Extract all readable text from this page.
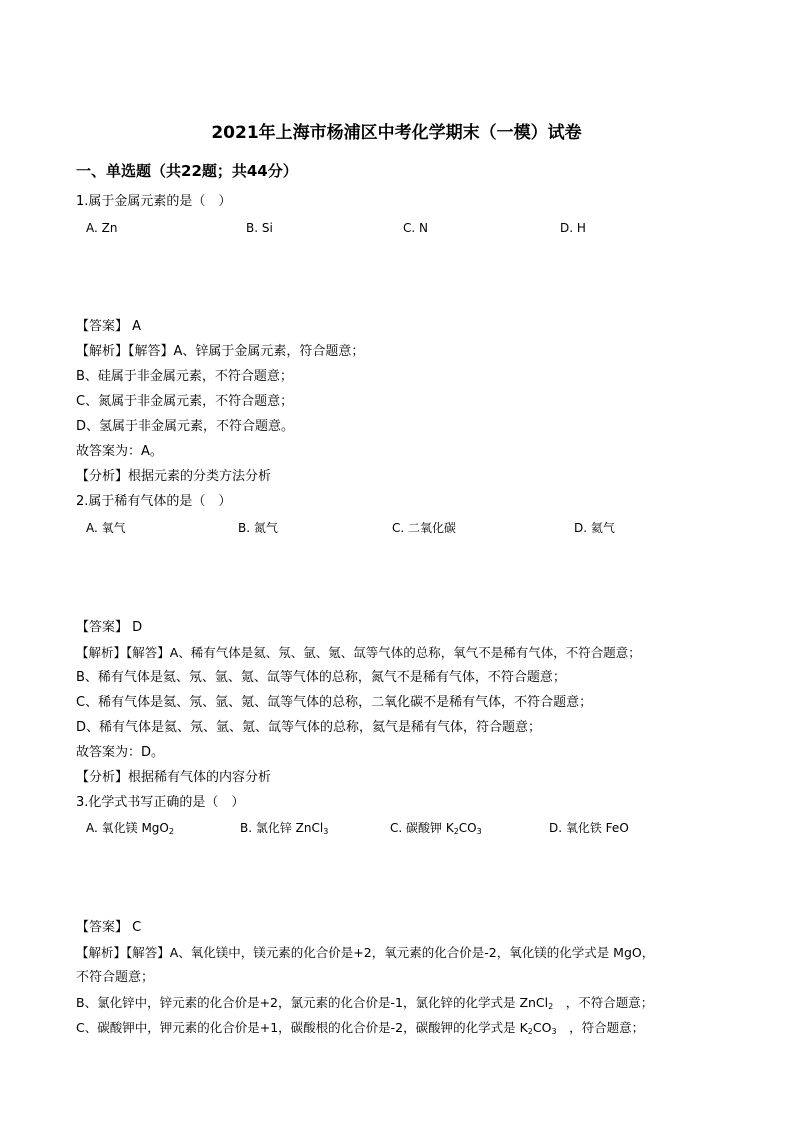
2021年上海市杨浦区中考化学期末（一模）试卷
一、单选题（共22题；共44分）
1.属于金属元素的是（　）
A. Zn	B. Si	C. N	D. H
【答案】 A
【解析】【解答】A、锌属于金属元素，符合题意；
B、硅属于非金属元素，不符合题意；
C、氮属于非金属元素，不符合题意；
D、氢属于非金属元素，不符合题意。
故答案为：A。
【分析】根据元素的分类方法分析
2.属于稀有气体的是（　）
A. 氧气	B. 氮气	C. 二氧化碳	D. 氦气
【答案】 D
【解析】【解答】A、稀有气体是氦、氖、氩、氪、氙等气体的总称，氧气不是稀有气体，不符合题意；
B、稀有气体是氦、氖、氩、氪、氙等气体的总称，氮气不是稀有气体，不符合题意；
C、稀有气体是氦、氖、氩、氪、氙等气体的总称，二氧化碳不是稀有气体，不符合题意；
D、稀有气体是氦、氖、氩、氪、氙等气体的总称，氦气是稀有气体，符合题意；
故答案为：D。
【分析】根据稀有气体的内容分析
3.化学式书写正确的是（　）
A. 氧化镁 MgO$_2$	B. 氯化锌 ZnCl$_3$	C. 碳酸钾 $K_2CO_3$	D. 氧化铁 FeO
【答案】 C
【解析】【解答】A、氧化镁中，镁元素的化合价是+2，氧元素的化合价是-2，氧化镁的化学式是 MgO，
不符合题意；
B、氯化锌中，锌元素的化合价是+2，氯元素的化合价是-1，氯化锌的化学式是 ZnCl$_2$　，不符合题意；
C、碳酸钾中，钾元素的化合价是+1，碳酸根的化合价是-2，碳酸钾的化学式是 $K_2CO_3$　，符合题意；
